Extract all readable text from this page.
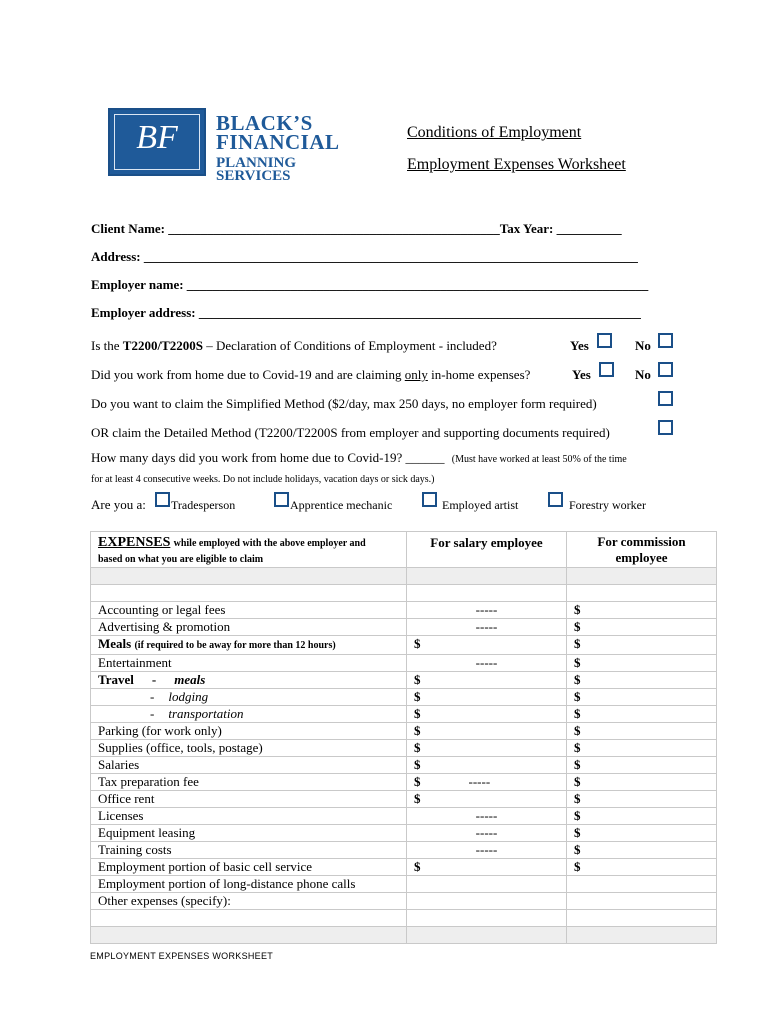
BF	BLACK’S
FINANCIAL
PLANNING
SERVICES
Conditions of Employment
Employment Expenses Worksheet
Client Name: ___________________________________________________Tax Year: __________
Address: ____________________________________________________________________________
Employer name: _______________________________________________________________________
Employer address: ____________________________________________________________________
Is the T2200/T2200S – Declaration of Conditions of Employment - included?	Yes	No
Did you work from home due to Covid-19 and are claiming only in-home expenses?	Yes	No
Do you want to claim the Simplified Method ($2/day, max 250 days, no employer form required)
OR claim the Detailed Method (T2200/T2200S from employer and supporting documents required)
How many days did you work from home due to Covid-19? ______ (Must have worked at least 50% of the time
for at least 4 consecutive weeks. Do not include holidays, vacation days or sick days.)
Are you a: Tradesperson	Apprentice mechanic	Employed artist	Forestry worker
EXPENSES while employed with the above employer and
based on what you are eligible to claim	For salary employee	For commission employee

Accounting or legal fees	-----	$
Advertising & promotion	-----	$
Meals (if required to be away for more than 12 hours)	$	$
Entertainment	-----	$
Travel - meals	$	$
- lodging	$	$
- transportation	$	$
Parking (for work only)	$	$
Supplies (office, tools, postage)	$	$
Salaries	$	$
Tax preparation fee	$ -----	$
Office rent	$	$
Licenses	-----	$
Equipment leasing	-----	$
Training costs	-----	$
Employment portion of basic cell service	$	$
Employment portion of long-distance phone calls		
Other expenses (specify):		

EMPLOYMENT EXPENSES WORKSHEET
